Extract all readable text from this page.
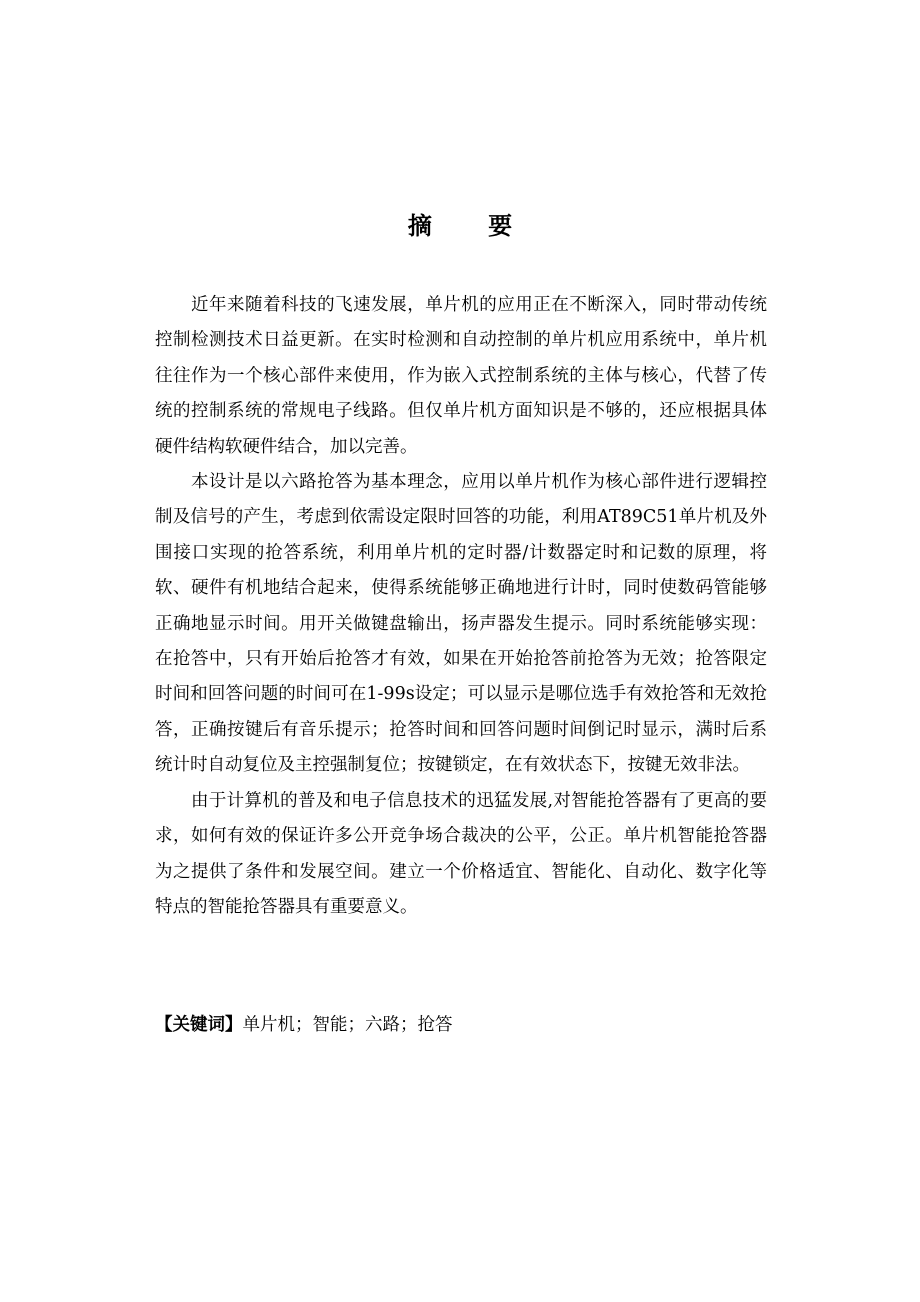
摘 要

近年来随着科技的飞速发展，单片机的应用正在不断深入，同时带动传统控制检测技术日益更新。在实时检测和自动控制的单片机应用系统中，单片机往往作为一个核心部件来使用，作为嵌入式控制系统的主体与核心，代替了传统的控制系统的常规电子线路。但仅单片机方面知识是不够的，还应根据具体硬件结构软硬件结合，加以完善。

本设计是以六路抢答为基本理念，应用以单片机作为核心部件进行逻辑控制及信号的产生，考虑到依需设定限时回答的功能，利用AT89C51单片机及外围接口实现的抢答系统，利用单片机的定时器/计数器定时和记数的原理，将软、硬件有机地结合起来，使得系统能够正确地进行计时，同时使数码管能够正确地显示时间。用开关做键盘输出，扬声器发生提示。同时系统能够实现：在抢答中，只有开始后抢答才有效，如果在开始抢答前抢答为无效；抢答限定时间和回答问题的时间可在1-99s设定；可以显示是哪位选手有效抢答和无效抢答，正确按键后有音乐提示；抢答时间和回答问题时间倒记时显示，满时后系统计时自动复位及主控强制复位；按键锁定，在有效状态下，按键无效非法。

由于计算机的普及和电子信息技术的迅猛发展,对智能抢答器有了更高的要求，如何有效的保证许多公开竞争场合裁决的公平，公正。单片机智能抢答器为之提供了条件和发展空间。建立一个价格适宜、智能化、自动化、数字化等特点的智能抢答器具有重要意义。

【关键词】单片机；智能；六路；抢答
